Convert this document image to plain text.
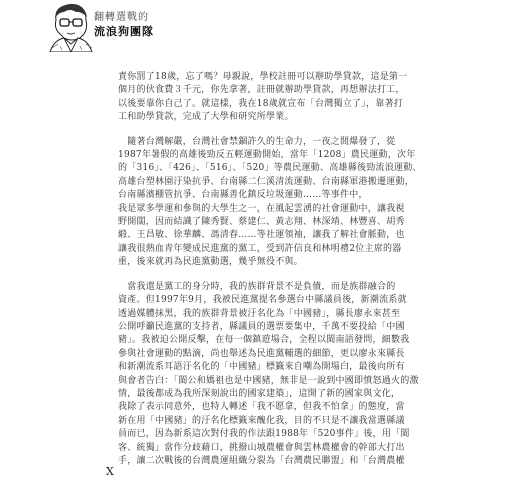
翻轉選戰的
流浪狗團隊

責你罰了18歲，忘了嗎？母親說，學校註冊可以辦助學貸款，這是第一

個月的伙食費３千元，你先拿著，註冊就辦助學貸款，再想辦法打工，

以後要靠你自己了。就這樣，我在18歲就宣布「台灣獨立了」，靠著打

工和助學貸款，完成了大學和研究所學業。

　隨著台灣解嚴，台灣社會禁錮許久的生命力，一夜之間爆發了，從

1987年暑假的高雄後勁反五輕運動開始，當年「1208」農民運動，次年

的「316」、「426」、「516」、「520」等農民運動、高雄縣後勁流浪運動、

高雄台塑林園汙染抗爭、台南縣二仁溪清流運動、台南縣軍港搬遷運動，

台南縣濱棚管抗爭、台南縣善化鎮反垃圾運動……等事件中，

我是眾多學運和參與的大學生之一，在風起雲湧的社會運動中，讓我視

野開闊，因而結識了陳秀賢、蔡建仁、黃志翔、林深靖、林豐喜、胡秀

緞、王昌敏、徐華麟、馮清春……等社運領袖，讓我了解社會脈動，也

讓我很熱血青年變成民進黨的黨工，受到許信良和林明禮2位主席的器

重，後來就再為民進黨動選，幾乎無役不與。

　當我還是黨工的身分時，我的族群背景不是負債，而是族群融合的

資產。但1997年9月，我被民進黨提名參選台中縣議員後，新潮流系就

透過媒體抹黑，我的族群背景被汙名化為「中國豬」，縣長廖永來甚至

公開呼籲民進黨的支持者，縣議員的選票要集中，千萬不要投給「中國

豬」。我被迫公開反擊，在每一個鎮遊場合，全程以閩南語發問，細數我

參與社會運動的點滴，尚也舉述為民進黨輔選的細節，更以廖永來縣長

和新潮流系耳語汙名化的「中國豬」標籤來自嘲為開場白，最後向所有

與會者告白：「閩公和媽祖也是中國豬，無非是一說到中國即憤怒過火的激

情，最後都成為我所深刻說出的國家建築」，這開了新的國家與文化，

我除了表示同意外，也特人轉述「我不愿拿，但我不怕拿」的態度，當

新在用「中國豬」的汙名化標籤來醜化我，目的不只是不讓我當選縣議

員而已，因為新系這次對付我的作法跟1988年「520事件」後，用「閩

客、統獨」當作分歧藉口，挑撥山城農權會與雲林農權會的幹部大打出

手，讓二次戰後的台灣農運組織分裂為「台灣農民聯盟」和「台灣農權

X
